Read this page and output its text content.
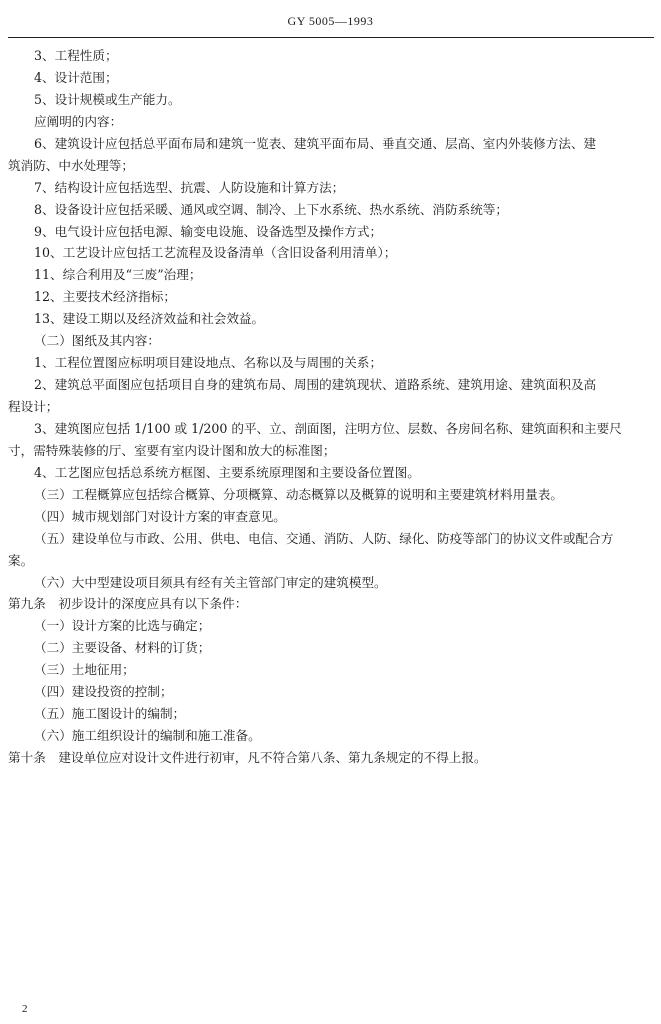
GY 5005—1993
3、工程性质；
4、设计范围；
5、设计规模或生产能力。
应阐明的内容：
6、建筑设计应包括总平面布局和建筑一览表、建筑平面布局、垂直交通、层高、室内外装修方法、建
筑消防、中水处理等；
7、结构设计应包括选型、抗震、人防设施和计算方法；
8、设备设计应包括采暖、通风或空调、制冷、上下水系统、热水系统、消防系统等；
9、电气设计应包括电源、输变电设施、设备选型及操作方式；
10、工艺设计应包括工艺流程及设备清单（含旧设备利用清单）；
11、综合利用及“三废”治理；
12、主要技术经济指标；
13、建设工期以及经济效益和社会效益。
（二）图纸及其内容：
1、工程位置图应标明项目建设地点、名称以及与周围的关系；
2、建筑总平面图应包括项目自身的建筑布局、周围的建筑现状、道路系统、建筑用途、建筑面积及高
程设计；
3、建筑图应包括 1/100 或 1/200 的平、立、剖面图，注明方位、层数、各房间名称、建筑面积和主要尺
寸，需特殊装修的厅、室要有室内设计图和放大的标准图；
4、工艺图应包括总系统方框图、主要系统原理图和主要设备位置图。
（三）工程概算应包括综合概算、分项概算、动态概算以及概算的说明和主要建筑材料用量表。
（四）城市规划部门对设计方案的审查意见。
（五）建设单位与市政、公用、供电、电信、交通、消防、人防、绿化、防疫等部门的协议文件或配合方
案。
（六）大中型建设项目须具有经有关主管部门审定的建筑模型。
第九条　初步设计的深度应具有以下条件：
（一）设计方案的比选与确定；
（二）主要设备、材料的订货；
（三）土地征用；
（四）建设投资的控制；
（五）施工图设计的编制；
（六）施工组织设计的编制和施工准备。
第十条　建设单位应对设计文件进行初审，凡不符合第八条、第九条规定的不得上报。
2
